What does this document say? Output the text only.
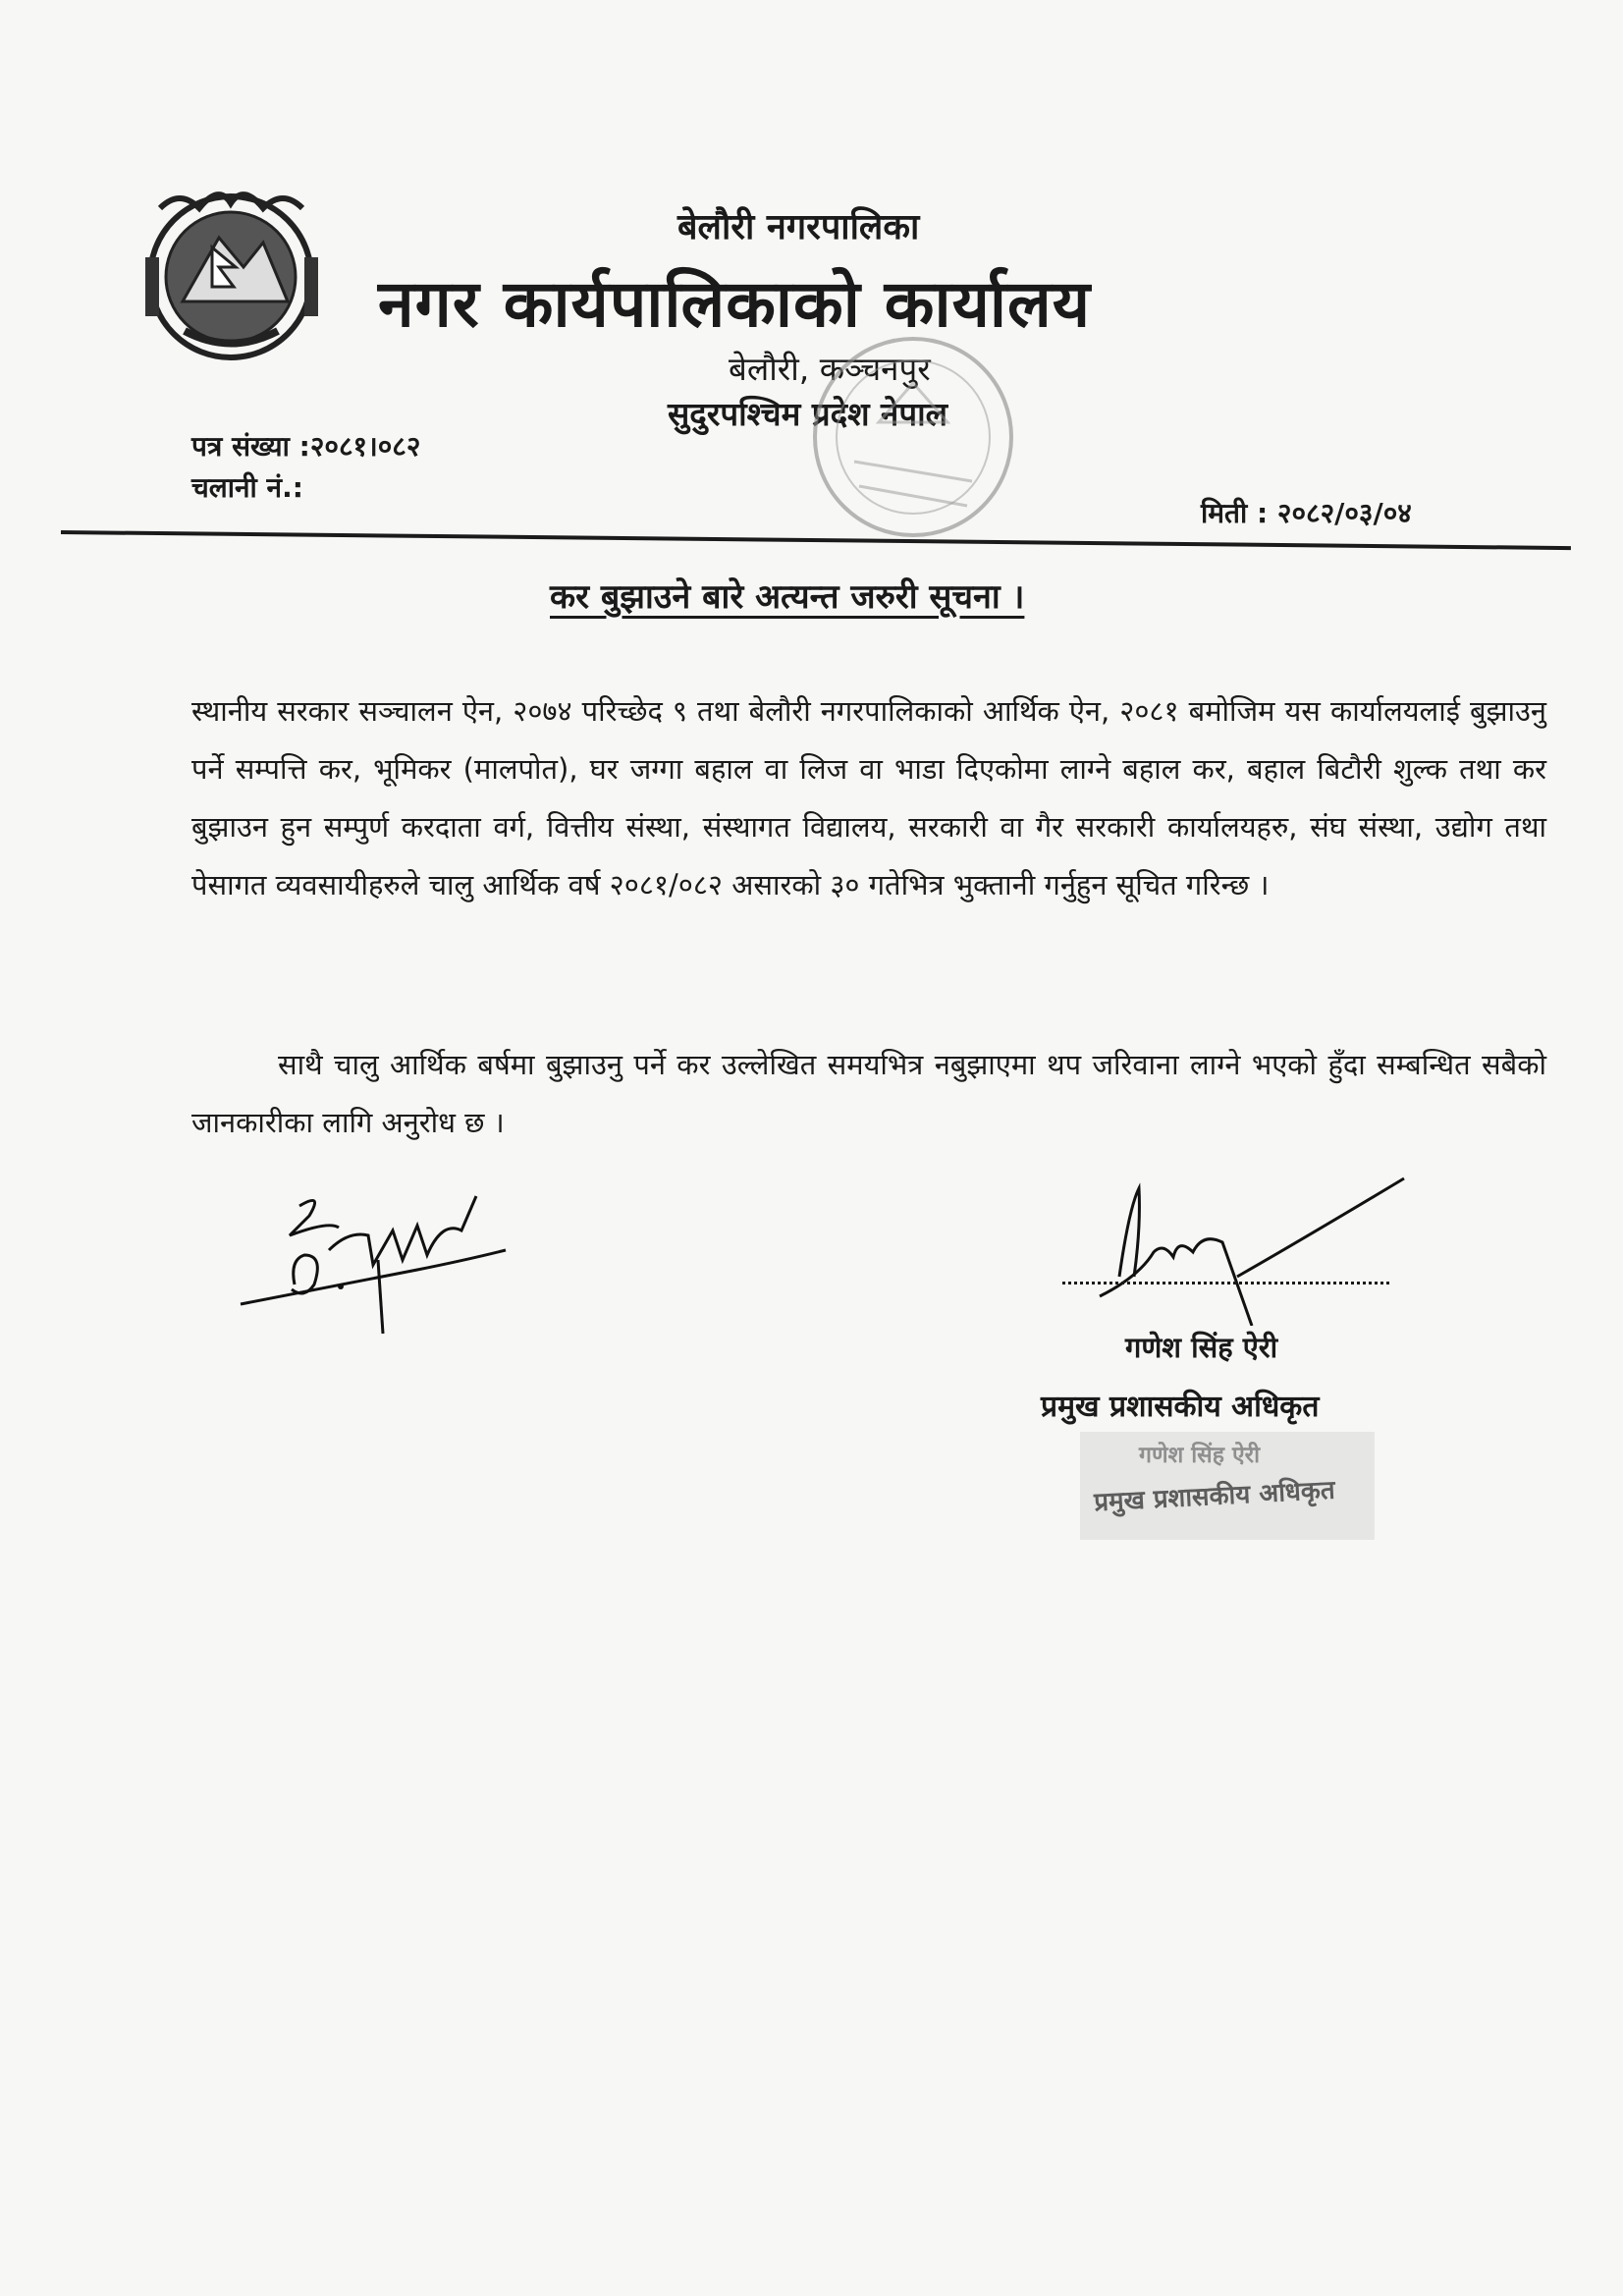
बेलौरी नगरपालिका
नगर कार्यपालिकाको कार्यालय
बेलौरी, कञ्चनपुर
सुदुरपश्चिम प्रदेश नेपाल
पत्र संख्या :२०८१।०८२
चलानी नं.:
मिती : २०८२/०३/०४
कर बुझाउने बारे अत्यन्त जरुरी सूचना ।
स्थानीय सरकार सञ्चालन ऐन, २०७४ परिच्छेद ९ तथा बेलौरी नगरपालिकाको आर्थिक ऐन, २०८१ बमोजिम यस कार्यालयलाई बुझाउनु पर्ने सम्पत्ति कर, भूमिकर (मालपोत), घर जग्गा बहाल वा लिज वा भाडा दिएकोमा लाग्ने बहाल कर, बहाल बिटौरी शुल्क तथा कर बुझाउन हुन सम्पुर्ण करदाता वर्ग, वित्तीय संस्था, संस्थागत विद्यालय, सरकारी वा गैर सरकारी कार्यालयहरु, संघ संस्था, उद्योग तथा पेसागत व्यवसायीहरुले चालु आर्थिक वर्ष २०८१/०८२ असारको ३० गतेभित्र भुक्तानी गर्नुहुन सूचित गरिन्छ ।
साथै चालु आर्थिक बर्षमा बुझाउनु पर्ने कर उल्लेखित समयभित्र नबुझाएमा थप जरिवाना लाग्ने भएको हुँदा सम्बन्धित सबैको जानकारीका लागि अनुरोध छ ।
गणेश सिंह ऐरी
प्रमुख प्रशासकीय अधिकृत
गणेश सिंह ऐरी
प्रमुख प्रशासकीय अधिकृत
